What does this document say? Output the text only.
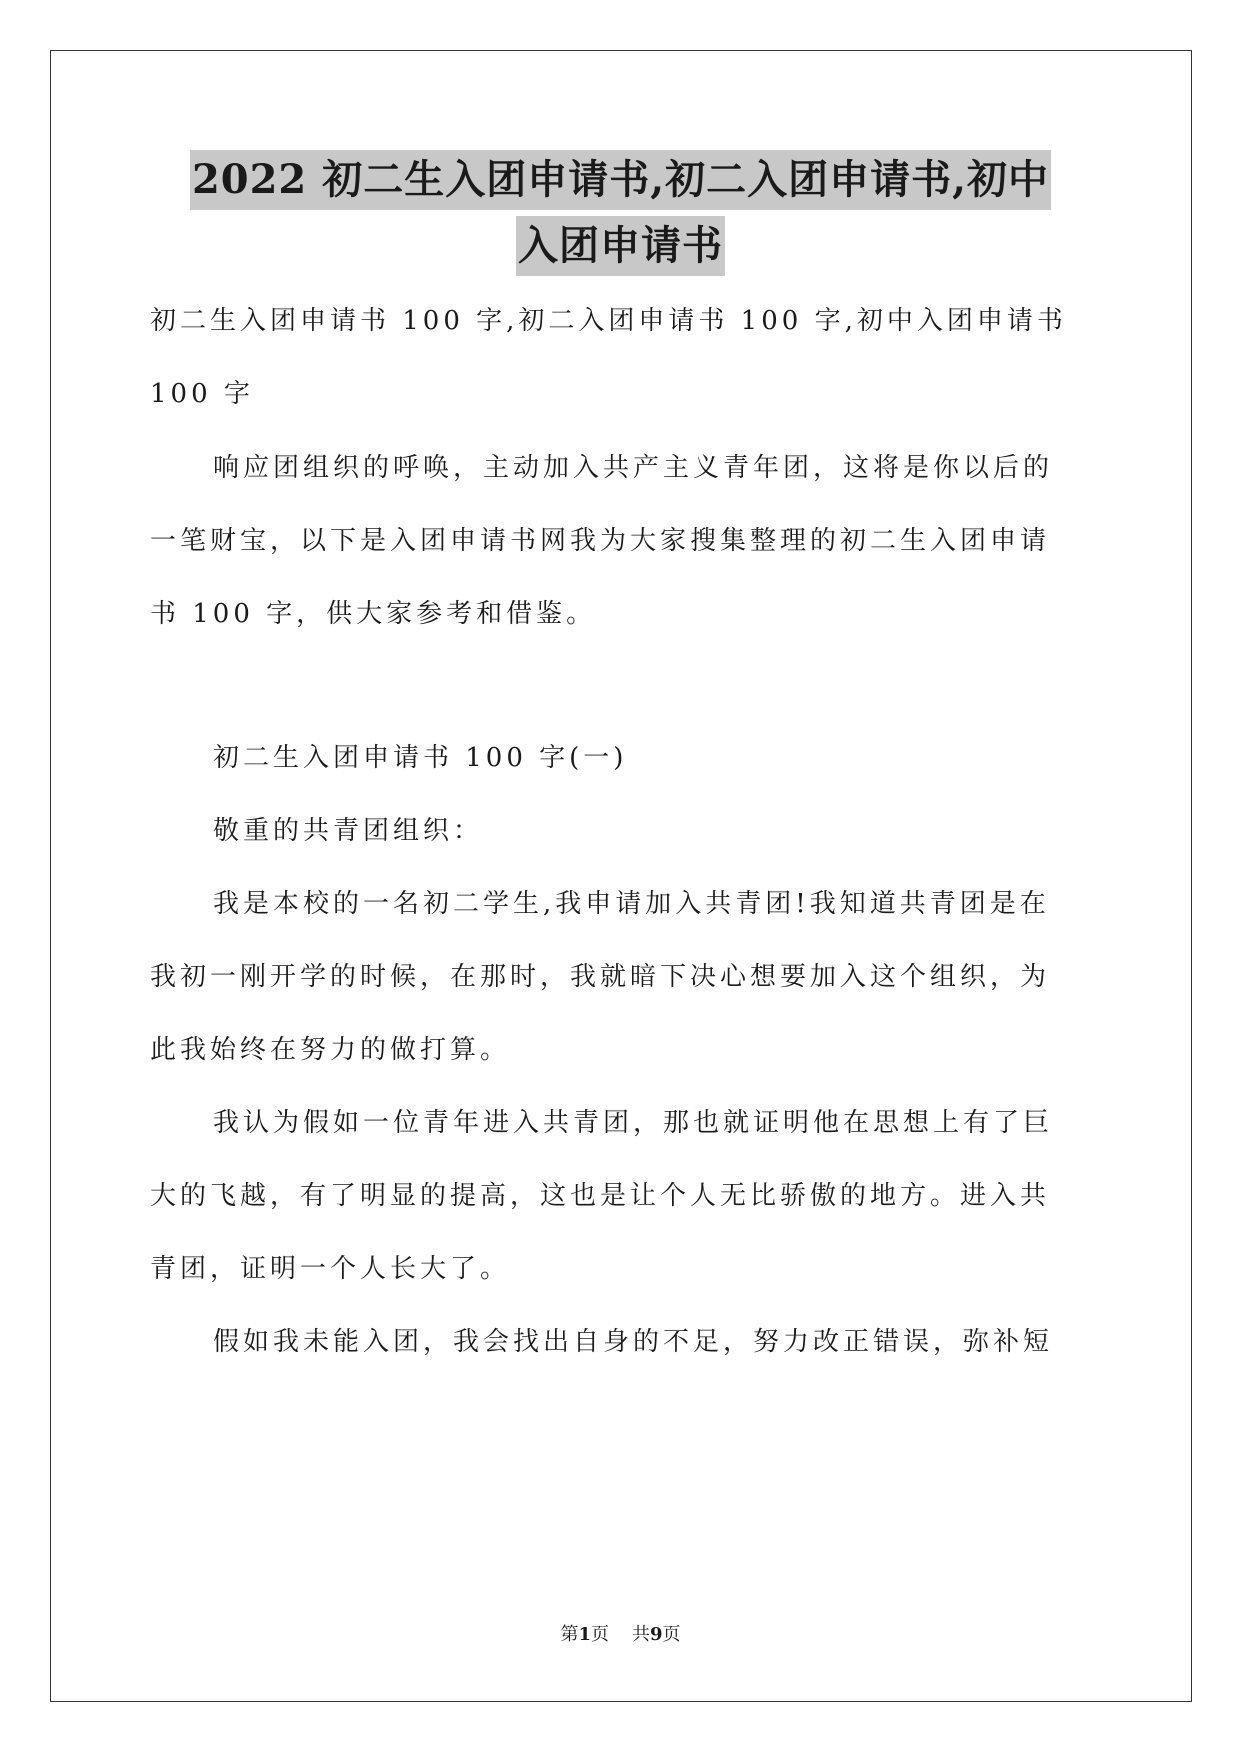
2022 初二生入团申请书,初二入团申请书,初中
入团申请书
初二生入团申请书 100 字,初二入团申请书 100 字,初中入团申请书
100 字
响应团组织的呼唤，主动加入共产主义青年团，这将是你以后的
一笔财宝，以下是入团申请书网我为大家搜集整理的初二生入团申请
书 100 字，供大家参考和借鉴。
初二生入团申请书 100 字(一)
敬重的共青团组织：
我是本校的一名初二学生,我申请加入共青团!我知道共青团是在
我初一刚开学的时候，在那时，我就暗下决心想要加入这个组织，为
此我始终在努力的做打算。
我认为假如一位青年进入共青团，那也就证明他在思想上有了巨
大的飞越，有了明显的提高，这也是让个人无比骄傲的地方。进入共
青团，证明一个人长大了。
假如我未能入团，我会找出自身的不足，努力改正错误，弥补短
第1页 共9页
